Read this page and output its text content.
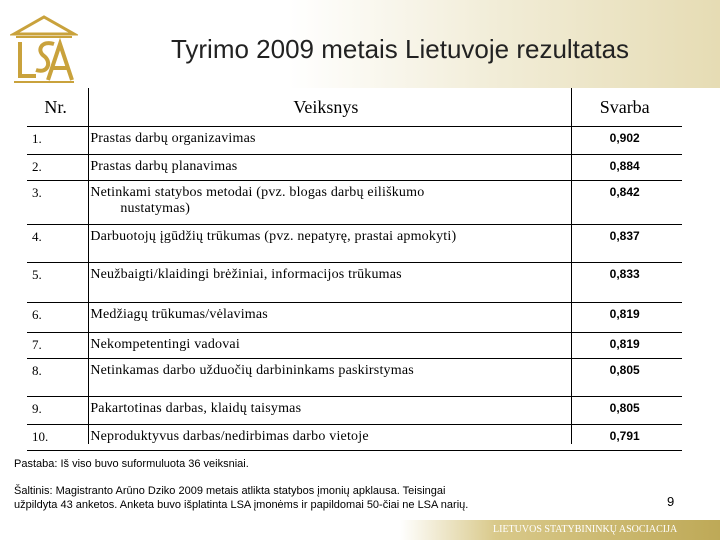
Tyrimo 2009 metais Lietuvoje rezultatas
Nr.	Veiksnys	Svarba
1.	Prastas darbų organizavimas	0,902
2.	Prastas darbų planavimas	0,884
3.	Netinkami statybos metodai (pvz. blogas darbų eiliškumo
nustatymas)	0,842
4.	Darbuotojų įgūdžių trūkumas (pvz. nepatyrę, prastai apmokyti)	0,837
5.	Neužbaigti/klaidingi brėžiniai, informacijos trūkumas	0,833
6.	Medžiagų trūkumas/vėlavimas	0,819
7.	Nekompetentingi vadovai	0,819
8.	Netinkamas darbo užduočių darbininkams paskirstymas	0,805
9.	Pakartotinas darbas, klaidų taisymas	0,805
10.	Neproduktyvus darbas/nedirbimas darbo vietoje	0,791
Pastaba: Iš viso buvo suformuluota 36 veiksniai.
Šaltinis: Magistranto Arūno Dziko 2009 metais atlikta statybos įmonių apklausa. Teisingai
užpildyta 43 anketos. Anketa buvo išplatinta LSA įmonėms ir papildomai 50-čiai ne LSA narių.	9
LIETUVOS STATYBININKŲ ASOCIACIJA
